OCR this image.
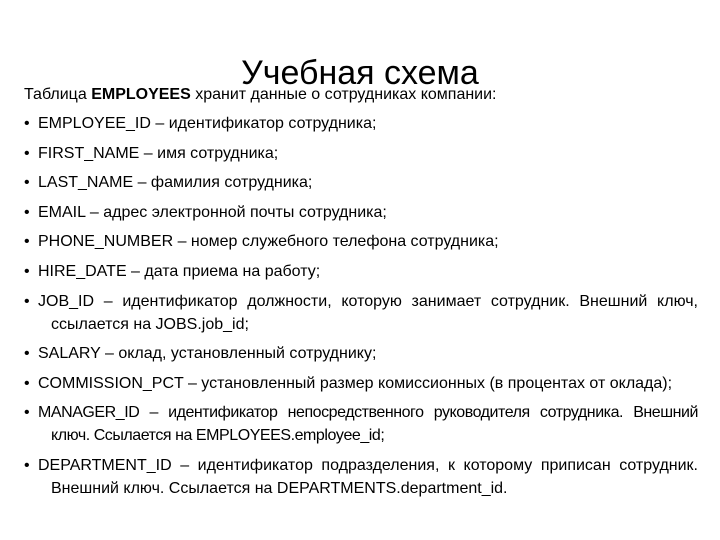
Учебная схема
Таблица EMPLOYEES хранит данные о сотрудниках компании:
• EMPLOYEE_ID – идентификатор сотрудника;
• FIRST_NAME – имя сотрудника;
• LAST_NAME – фамилия сотрудника;
• EMAIL – адрес электронной почты сотрудника;
• PHONE_NUMBER – номер служебного телефона сотрудника;
• HIRE_DATE – дата приема на работу;
• JOB_ID – идентификатор должности, которую занимает сотрудник. Внешний ключ, ссылается на JOBS.job_id;
• SALARY – оклад, установленный сотруднику;
• COMMISSION_PCT – установленный размер комиссионных (в процентах от оклада);
• MANAGER_ID – идентификатор непосредственного руководителя сотрудника. Внешний ключ. Ссылается на EMPLOYEES.employee_id;
• DEPARTMENT_ID – идентификатор подразделения, к которому приписан сотрудник. Внешний ключ. Ссылается на DEPARTMENTS.department_id.
